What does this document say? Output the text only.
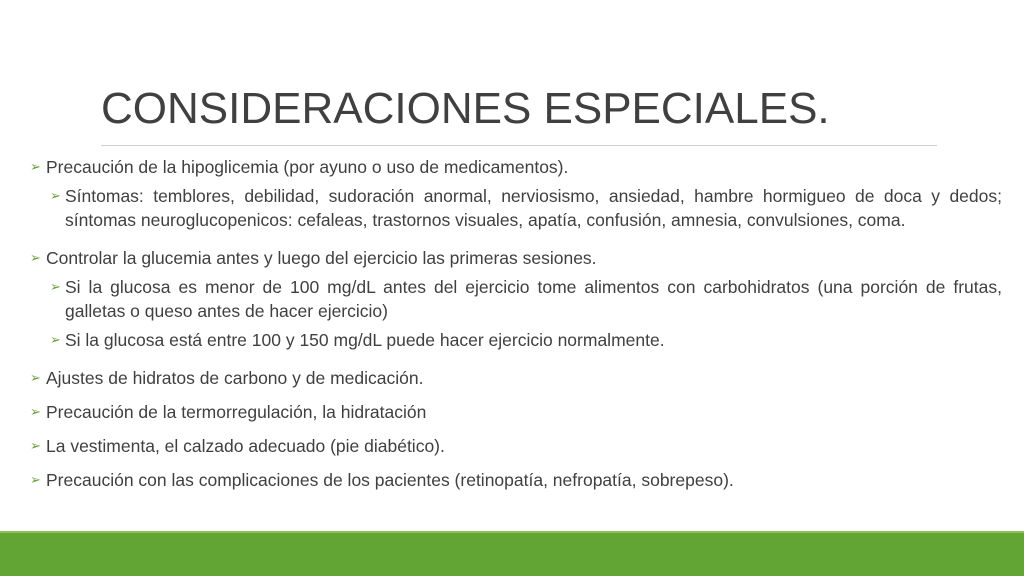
CONSIDERACIONES ESPECIALES.
➢ Precaución de la hipoglicemia (por ayuno o uso de medicamentos).
➢ Síntomas: temblores, debilidad, sudoración anormal, nerviosismo, ansiedad, hambre hormigueo de doca y dedos; síntomas neuroglucopenicos: cefaleas, trastornos visuales, apatía, confusión, amnesia, convulsiones, coma.
➢ Controlar la glucemia antes y luego del ejercicio las primeras sesiones.
➢ Si la glucosa es menor de 100 mg/dL antes del ejercicio tome alimentos con carbohidratos (una porción de frutas, galletas o queso antes de hacer ejercicio)
➢ Si la glucosa está entre 100 y 150 mg/dL puede hacer ejercicio normalmente.
➢ Ajustes de hidratos de carbono y de medicación.
➢ Precaución de la termorregulación, la hidratación
➢ La vestimenta, el calzado adecuado (pie diabético).
➢ Precaución con las complicaciones de los pacientes (retinopatía, nefropatía, sobrepeso).
